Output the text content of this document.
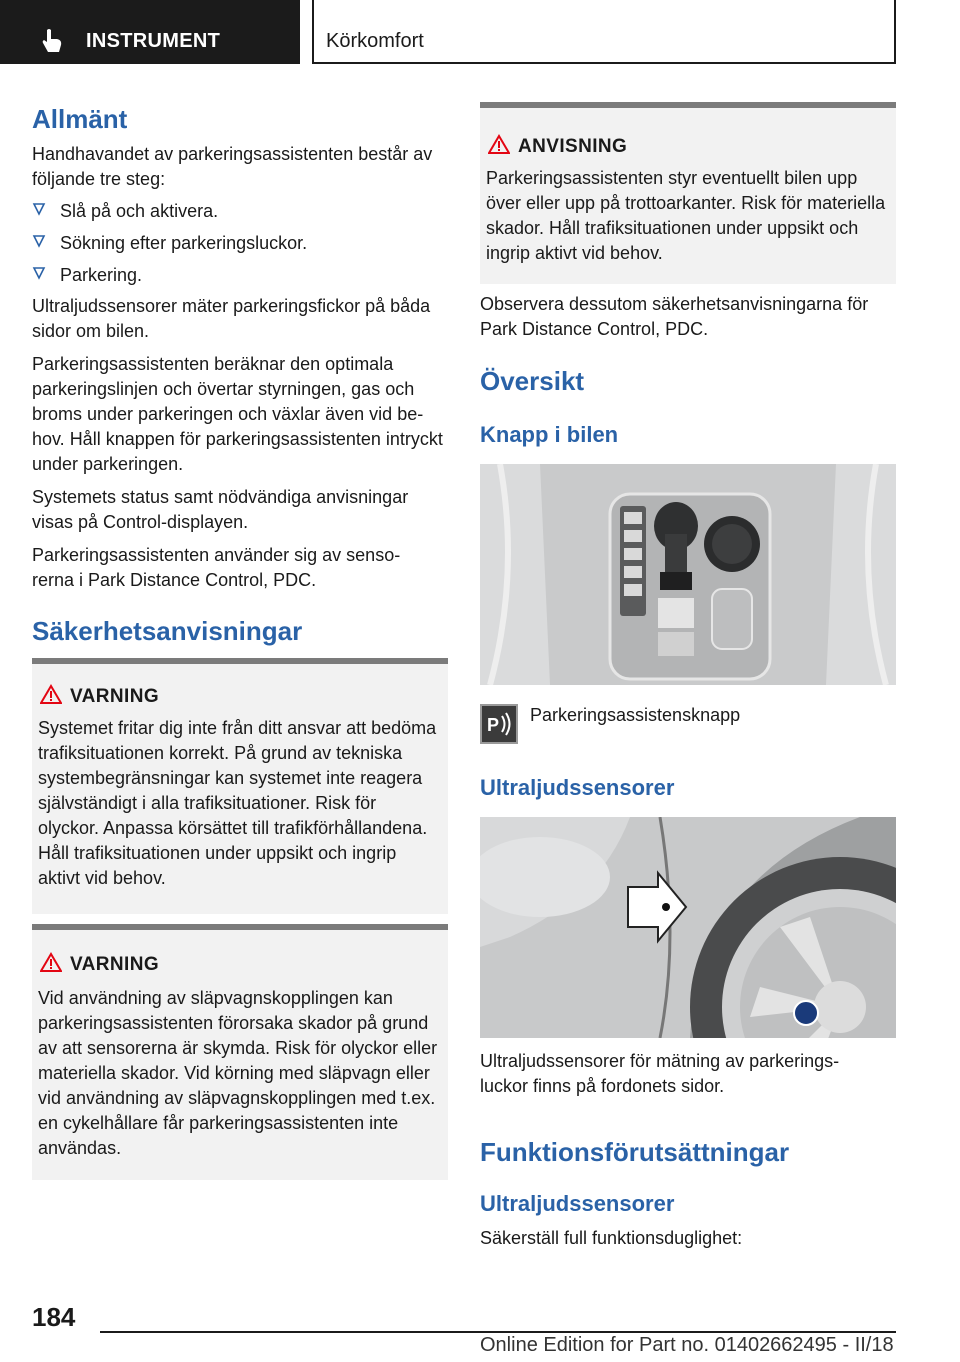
INSTRUMENT	Körkomfort
Allmänt

Handhavandet av parkeringsassistenten består av följande tre steg:

Slå på och aktivera.
Sökning efter parkeringsluckor.
Parkering.

Ultraljudssensorer mäter parkeringsfickor på båda sidor om bilen.

Parkeringsassistenten beräknar den optimala parkeringslinjen och övertar styrningen, gas och broms under parkeringen och växlar även vid behov. Håll knappen för parkeringsassistenten intryckt under parkeringen.

Systemets status samt nödvändiga anvisningar visas på Control-displayen.

Parkeringsassistenten använder sig av sensorerna i Park Distance Control, PDC.

Säkerhetsanvisningar
VARNING

Systemet fritar dig inte från ditt ansvar att bedöma trafiksituationen korrekt. På grund av tekniska systembegränsningar kan systemet inte reagera självständigt i alla trafiksituationer. Risk för olyckor. Anpassa körsättet till trafikförhållandena. Håll trafiksituationen under uppsikt och ingrip aktivt vid behov.

VARNING

Vid användning av släpvagnskopplingen kan parkeringsassistenten förorsaka skador på grund av att sensorerna är skymda. Risk för olyckor eller materiella skador. Vid körning med släpvagn eller vid användning av släpvagnskopplingen med t.ex. en cykelhållare får parkeringsassistenten inte användas.

ANVISNING

Parkeringsassistenten styr eventuellt bilen upp över eller upp på trottoarkanter. Risk för materiella skador. Håll trafiksituationen under uppsikt och ingrip aktivt vid behov.

Observera dessutom säkerhetsanvisningarna för Park Distance Control, PDC.

Översikt
Knapp i bilen
P Parkeringsassistensknapp

Ultraljudssensorer

Ultraljudssensorer för mätning av parkeringsluckor finns på fordonets sidor.

Funktionsförutsättningar
Ultraljudssensorer

Säkerställ full funktionsduglighet:

184
Online Edition for Part no. 01402662495 - II/18
